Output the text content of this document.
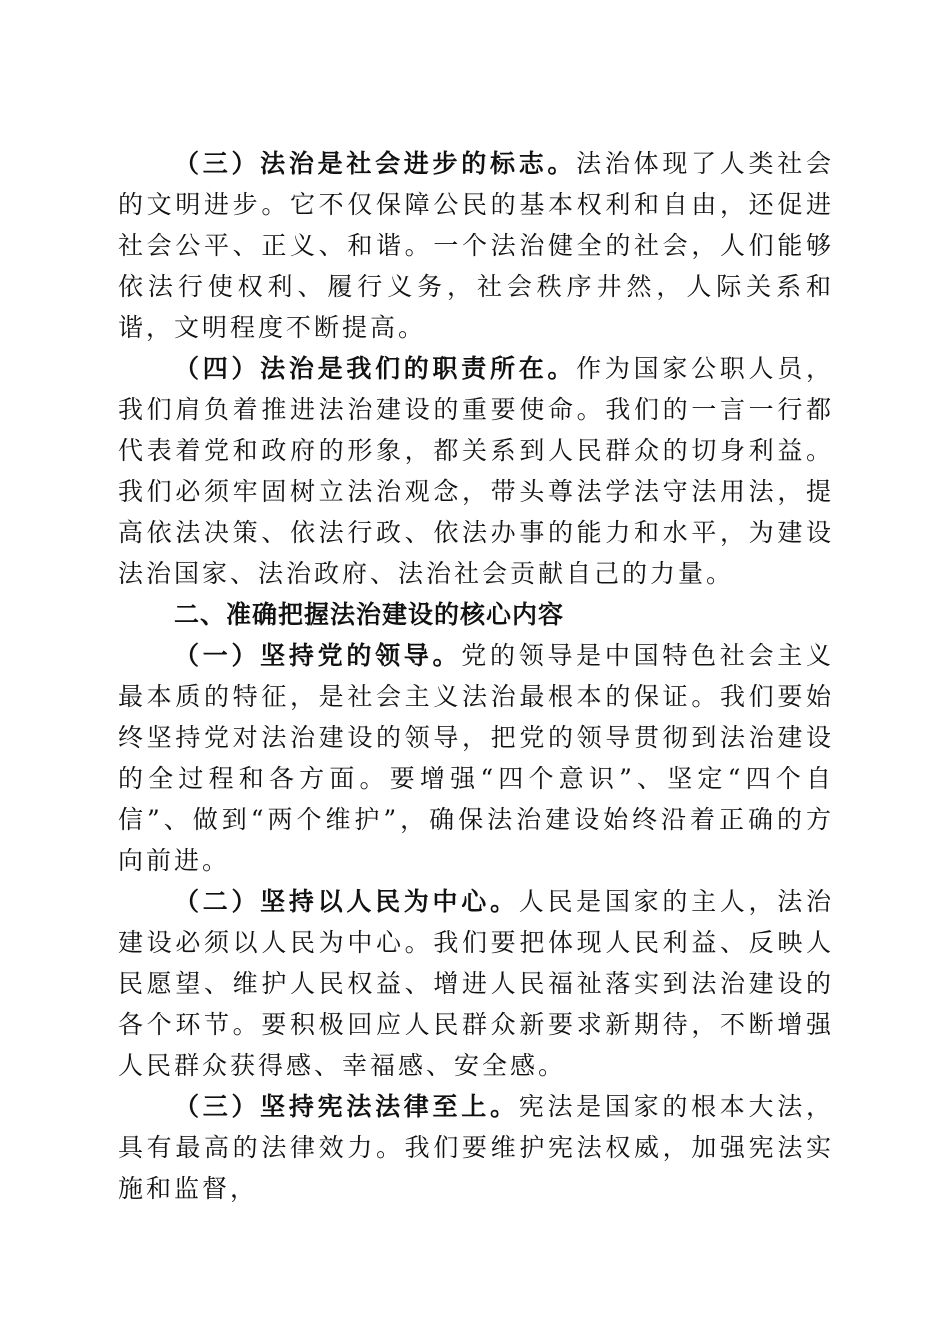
（三）法治是社会进步的标志。法治体现了人类社会的文明进步。它不仅保障公民的基本权利和自由，还促进社会公平、正义、和谐。一个法治健全的社会，人们能够依法行使权利、履行义务，社会秩序井然，人际关系和谐，文明程度不断提高。

（四）法治是我们的职责所在。作为国家公职人员，我们肩负着推进法治建设的重要使命。我们的一言一行都代表着党和政府的形象，都关系到人民群众的切身利益。我们必须牢固树立法治观念，带头尊法学法守法用法，提高依法决策、依法行政、依法办事的能力和水平，为建设法治国家、法治政府、法治社会贡献自己的力量。

二、准确把握法治建设的核心内容

（一）坚持党的领导。党的领导是中国特色社会主义最本质的特征，是社会主义法治最根本的保证。我们要始终坚持党对法治建设的领导，把党的领导贯彻到法治建设的全过程和各方面。要增强“四个意识”、坚定“四个自信”、做到“两个维护”，确保法治建设始终沿着正确的方向前进。

（二）坚持以人民为中心。人民是国家的主人，法治建设必须以人民为中心。我们要把体现人民利益、反映人民愿望、维护人民权益、增进人民福祉落实到法治建设的各个环节。要积极回应人民群众新要求新期待，不断增强人民群众获得感、幸福感、安全感。

（三）坚持宪法法律至上。宪法是国家的根本大法，具有最高的法律效力。我们要维护宪法权威，加强宪法实施和监督，
